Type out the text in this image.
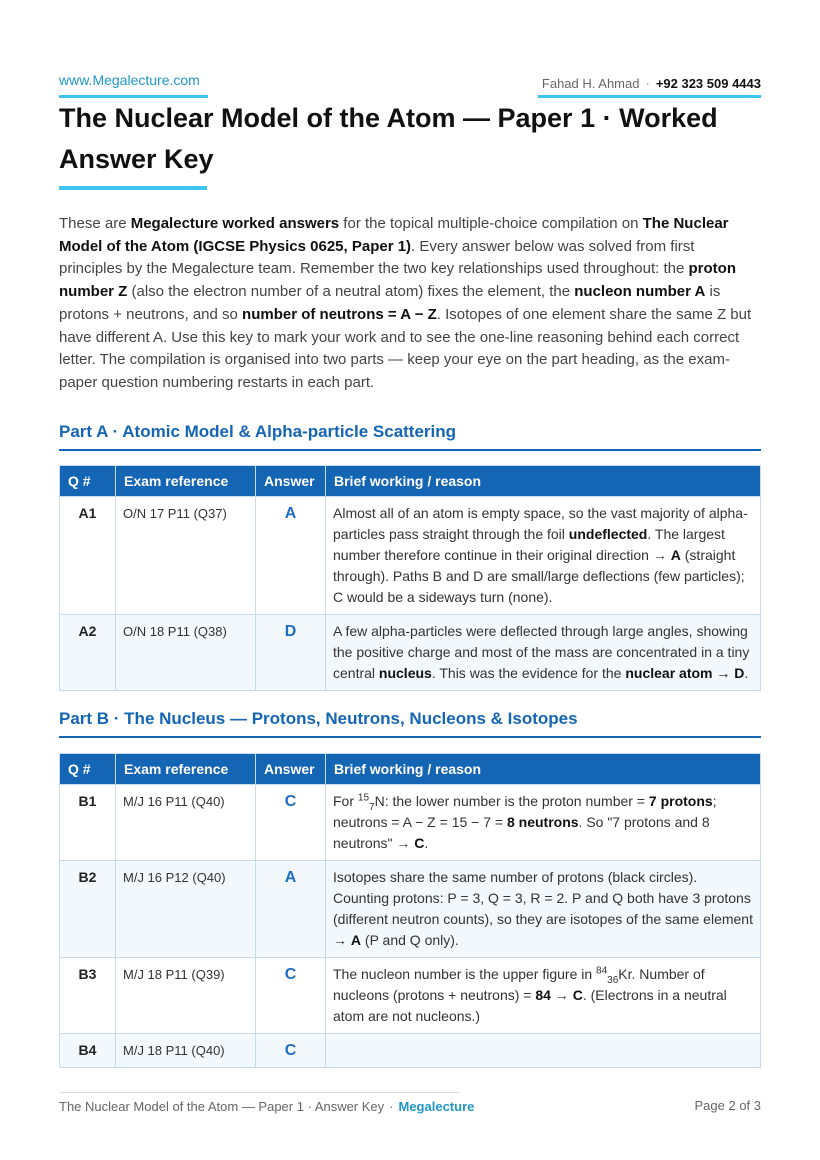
www.Megalecture.com	Fahad H. Ahmad · +92 323 509 4443
The Nuclear Model of the Atom — Paper 1 · Worked Answer Key

These are Megalecture worked answers for the topical multiple-choice compilation on The Nuclear Model of the Atom (IGCSE Physics 0625, Paper 1). Every answer below was solved from first principles by the Megalecture team. Remember the two key relationships used throughout: the proton number Z (also the electron number of a neutral atom) fixes the element, the nucleon number A is protons + neutrons, and so number of neutrons = A − Z. Isotopes of one element share the same Z but have different A. Use this key to mark your work and to see the one-line reasoning behind each correct letter. The compilation is organised into two parts — keep your eye on the part heading, as the exam-paper question numbering restarts in each part.

Part A · Atomic Model & Alpha-particle Scattering
Q #	Exam reference	Answer	Brief working / reason
A1	O/N 17 P11 (Q37)	A	Almost all of an atom is empty space, so the vast majority of alpha-particles pass straight through the foil undeflected. The largest number therefore continue in their original direction → A (straight through). Paths B and D are small/large deflections (few particles); C would be a sideways turn (none).
A2	O/N 18 P11 (Q38)	D	A few alpha-particles were deflected through large angles, showing the positive charge and most of the mass are concentrated in a tiny central nucleus. This was the evidence for the nuclear atom → D.
Part B · The Nucleus — Protons, Neutrons, Nucleons & Isotopes
Q #	Exam reference	Answer	Brief working / reason
B1	M/J 16 P11 (Q40)	C	For $^{15}_7$N: the lower number is the proton number = 7 protons; neutrons = A − Z = 15 − 7 = 8 neutrons. So "7 protons and 8 neutrons" → C.
B2	M/J 16 P12 (Q40)	A	Isotopes share the same number of protons (black circles). Counting protons: P = 3, Q = 3, R = 2. P and Q both have 3 protons (different neutron counts), so they are isotopes of the same element → A (P and Q only).
B3	M/J 18 P11 (Q39)	C	The nucleon number is the upper figure in $^{84}_{36}$Kr. Number of nucleons (protons + neutrons) = 84 → C. (Electrons in a neutral atom are not nucleons.)
B4	M/J 18 P11 (Q40)	C	
The Nuclear Model of the Atom — Paper 1 · Answer Key · Megalecture	Page 2 of 3
